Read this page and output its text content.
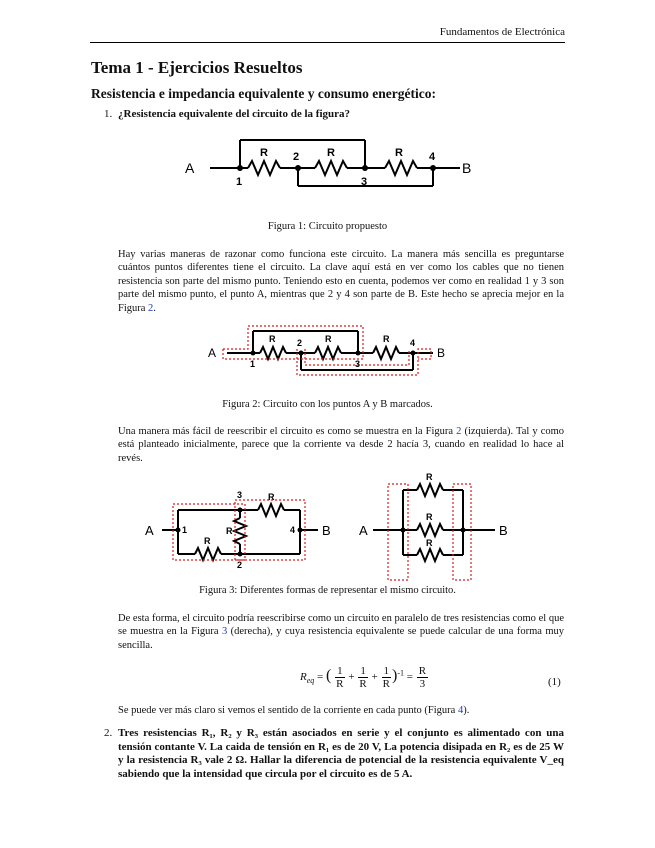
Fundamentos de Electrónica
Tema 1 - Ejercicios Resueltos
Resistencia e impedancia equivalente y consumo energético:
1. ¿Resistencia equivalente del circuito de la figura?
A	B
R	R	R
1
2
3
4
Figura 1: Circuito propuesto
Hay varias maneras de razonar como funciona este circuito. La manera más sencilla es preguntarse cuántos puntos diferentes tiene el circuito. La clave aquí está en ver como los cables que no tienen resistencia son parte del mismo punto. Teniendo esto en cuenta, podemos ver como en realidad 1 y 3 son parte del mismo punto, el punto A, mientras que 2 y 4 son parte de B. Este hecho se aprecia mejor en la Figura 2.
A	B
R	R	R
1
2
3
4
Figura 2: Circuito con los puntos A y B marcados.
Una manera más fácil de reescribir el circuito es como se muestra en la Figura 2 (izquierda). Tal y como está planteado inicialmente, parece que la corriente va desde 2 hacía 3, cuando en realidad lo hace al revés.
A	B
1
3
2
4
R
R
R
A	B
R
R
R
Figura 3: Diferentes formas de representar el mismo circuito.
De esta forma, el circuito podría reescribirse como un circuito en paralelo de tres resistencias como el que se muestra en la Figura 3 (derecha), y cuya resistencia equivalente se puede calcular de una forma muy sencilla.
$R_{eq}$ = ( $\frac{1}{R} + \frac{1}{R} + \frac{1}{R} )^{-1} = \frac{R}{3}$	(1)
Se puede ver más claro si vemos el sentido de la corriente en cada punto (Figura 4).
2. Tres resistencias R₁, R₂ y R₃ están asociados en serie y el conjunto es alimentado con una tensión contante V. La caida de tensión en R₁ es de 20 V, La potencia disipada en R₂ es de 25 W y la resistencia R₃ vale 2 Ω. Hallar la diferencia de potencial de la resistencia equivalente V_eq sabiendo que la intensidad que circula por el circuito es de 5 A.
